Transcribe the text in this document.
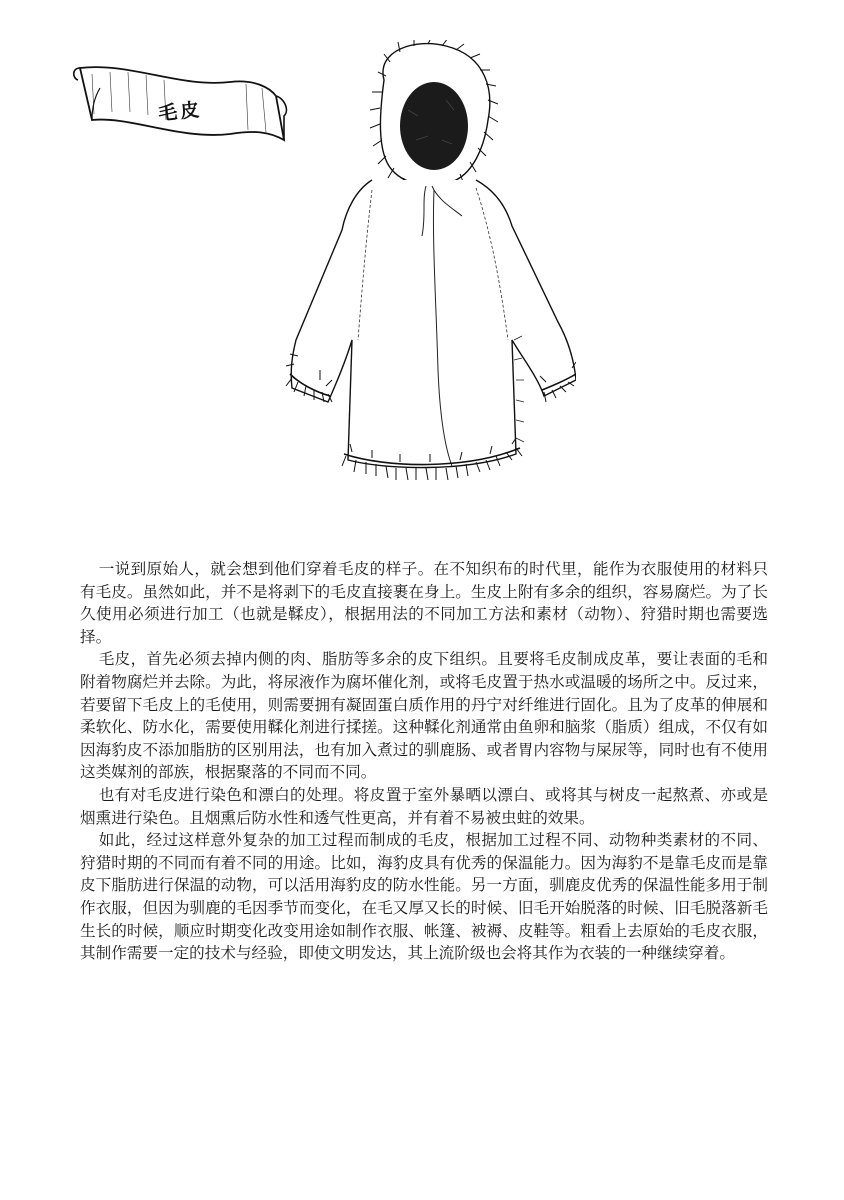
毛皮

一说到原始人，就会想到他们穿着毛皮的样子。在不知织布的时代里，能作为衣服使用的材料只有毛皮。虽然如此，并不是将剥下的毛皮直接裹在身上。生皮上附有多余的组织，容易腐烂。为了长久使用必须进行加工（也就是鞣皮），根据用法的不同加工方法和素材（动物）、狩猎时期也需要选择。

毛皮，首先必须去掉内侧的肉、脂肪等多余的皮下组织。且要将毛皮制成皮革，要让表面的毛和附着物腐烂并去除。为此，将尿液作为腐坏催化剂，或将毛皮置于热水或温暖的场所之中。反过来，若要留下毛皮上的毛使用，则需要拥有凝固蛋白质作用的丹宁对纤维进行固化。且为了皮革的伸展和柔软化、防水化，需要使用鞣化剂进行揉搓。这种鞣化剂通常由鱼卵和脑浆（脂质）组成，不仅有如因海豹皮不添加脂肪的区别用法，也有加入煮过的驯鹿肠、或者胃内容物与屎尿等，同时也有不使用这类媒剂的部族，根据聚落的不同而不同。

也有对毛皮进行染色和漂白的处理。将皮置于室外暴晒以漂白、或将其与树皮一起熬煮、亦或是烟熏进行染色。且烟熏后防水性和透气性更高，并有着不易被虫蛀的效果。

如此，经过这样意外复杂的加工过程而制成的毛皮，根据加工过程不同、动物种类素材的不同、狩猎时期的不同而有着不同的用途。比如，海豹皮具有优秀的保温能力。因为海豹不是靠毛皮而是靠皮下脂肪进行保温的动物，可以活用海豹皮的防水性能。另一方面，驯鹿皮优秀的保温性能多用于制作衣服，但因为驯鹿的毛因季节而变化，在毛又厚又长的时候、旧毛开始脱落的时候、旧毛脱落新毛生长的时候，顺应时期变化改变用途如制作衣服、帐篷、被褥、皮鞋等。粗看上去原始的毛皮衣服，其制作需要一定的技术与经验，即使文明发达，其上流阶级也会将其作为衣装的一种继续穿着。
